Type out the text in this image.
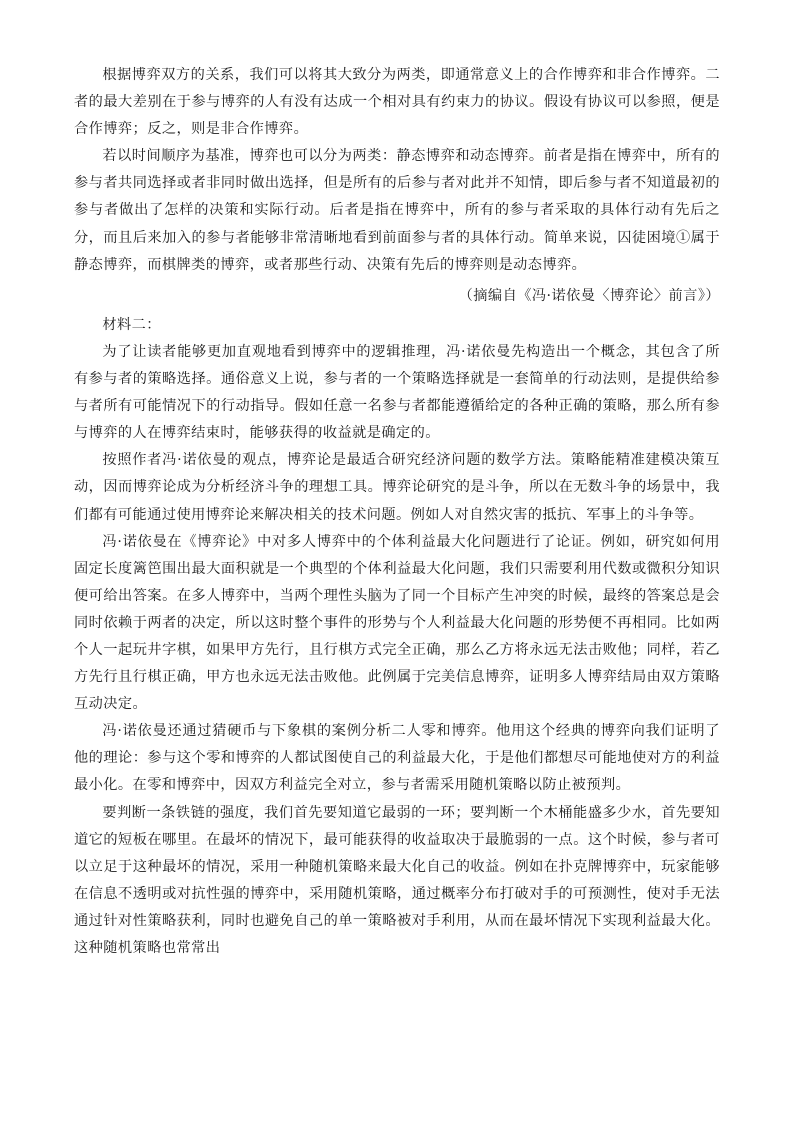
根据博弈双方的关系，我们可以将其大致分为两类，即通常意义上的合作博弈和非合作博弈。二者的最大差别在于参与博弈的人有没有达成一个相对具有约束力的协议。假设有协议可以参照，便是合作博弈；反之，则是非合作博弈。

若以时间顺序为基准，博弈也可以分为两类：静态博弈和动态博弈。前者是指在博弈中，所有的参与者共同选择或者非同时做出选择，但是所有的后参与者对此并不知情，即后参与者不知道最初的参与者做出了怎样的决策和实际行动。后者是指在博弈中，所有的参与者采取的具体行动有先后之分，而且后来加入的参与者能够非常清晰地看到前面参与者的具体行动。简单来说，囚徒困境①属于静态博弈，而棋牌类的博弈，或者那些行动、决策有先后的博弈则是动态博弈。

（摘编自《冯·诺依曼〈博弈论〉前言》）

材料二：

为了让读者能够更加直观地看到博弈中的逻辑推理，冯·诺依曼先构造出一个概念，其包含了所有参与者的策略选择。通俗意义上说，参与者的一个策略选择就是一套简单的行动法则，是提供给参与者所有可能情况下的行动指导。假如任意一名参与者都能遵循给定的各种正确的策略，那么所有参与博弈的人在博弈结束时，能够获得的收益就是确定的。

按照作者冯·诺依曼的观点，博弈论是最适合研究经济问题的数学方法。策略能精准建模决策互动，因而博弈论成为分析经济斗争的理想工具。博弈论研究的是斗争，所以在无数斗争的场景中，我们都有可能通过使用博弈论来解决相关的技术问题。例如人对自然灾害的抵抗、军事上的斗争等。

冯·诺依曼在《博弈论》中对多人博弈中的个体利益最大化问题进行了论证。例如，研究如何用固定长度篱笆围出最大面积就是一个典型的个体利益最大化问题，我们只需要利用代数或微积分知识便可给出答案。在多人博弈中，当两个理性头脑为了同一个目标产生冲突的时候，最终的答案总是会同时依赖于两者的决定，所以这时整个事件的形势与个人利益最大化问题的形势便不再相同。比如两个人一起玩井字棋，如果甲方先行，且行棋方式完全正确，那么乙方将永远无法击败他；同样，若乙方先行且行棋正确，甲方也永远无法击败他。此例属于完美信息博弈，证明多人博弈结局由双方策略互动决定。

冯·诺依曼还通过猜硬币与下象棋的案例分析二人零和博弈。他用这个经典的博弈向我们证明了他的理论：参与这个零和博弈的人都试图使自己的利益最大化，于是他们都想尽可能地使对方的利益最小化。在零和博弈中，因双方利益完全对立，参与者需采用随机策略以防止被预判。

要判断一条铁链的强度，我们首先要知道它最弱的一环；要判断一个木桶能盛多少水，首先要知道它的短板在哪里。在最坏的情况下，最可能获得的收益取决于最脆弱的一点。这个时候，参与者可以立足于这种最坏的情况，采用一种随机策略来最大化自己的收益。例如在扑克牌博弈中，玩家能够在信息不透明或对抗性强的博弈中，采用随机策略，通过概率分布打破对手的可预测性，使对手无法通过针对性策略获利，同时也避免自己的单一策略被对手利用，从而在最坏情况下实现利益最大化。这种随机策略也常常出
